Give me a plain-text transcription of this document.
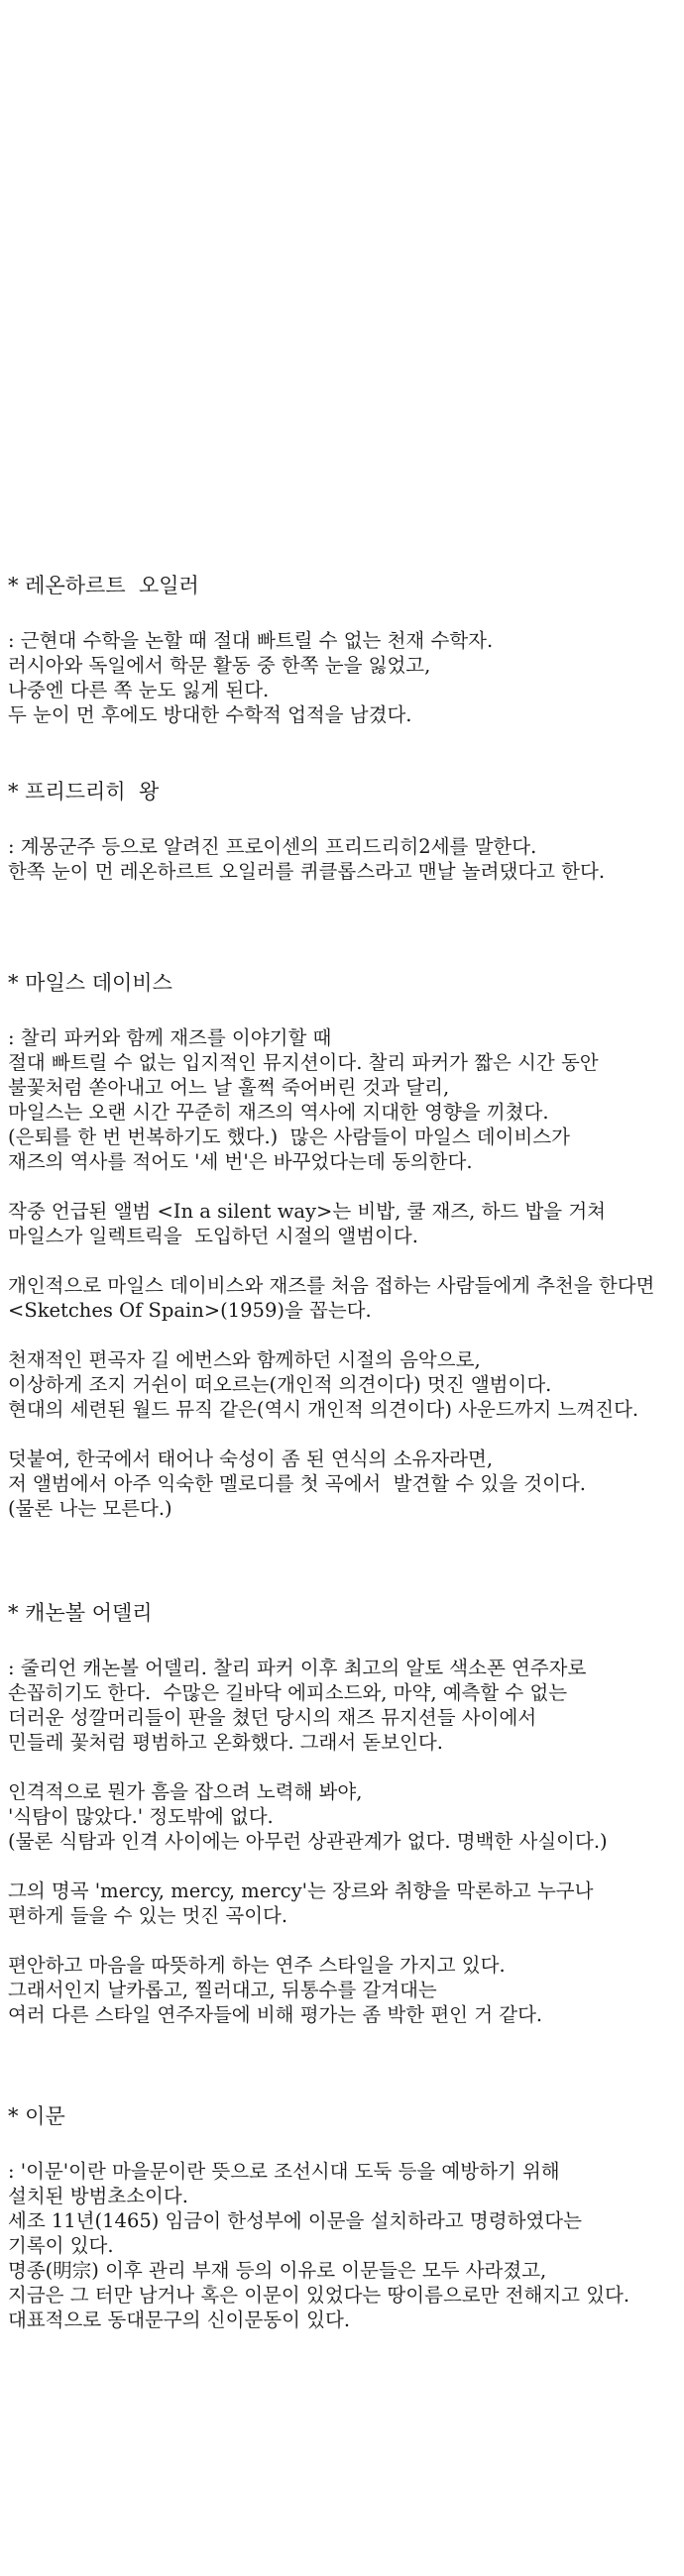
* 레온하르트  오일러

: 근현대 수학을 논할 때 절대 빠트릴 수 없는 천재 수학자.
러시아와 독일에서 학문 활동 중 한쪽 눈을 잃었고,
나중엔 다른 쪽 눈도 잃게 된다.
두 눈이 먼 후에도 방대한 수학적 업적을 남겼다.

* 프리드리히  왕

: 계몽군주 등으로 알려진 프로이센의 프리드리히2세를 말한다.
한쪽 눈이 먼 레온하르트 오일러를 퀴클롭스라고 맨날 놀려댔다고 한다.

* 마일스 데이비스

: 찰리 파커와 함께 재즈를 이야기할 때
절대 빠트릴 수 없는 입지적인 뮤지션이다. 찰리 파커가 짧은 시간 동안
불꽃처럼 쏟아내고 어느 날 훌쩍 죽어버린 것과 달리,
마일스는 오랜 시간 꾸준히 재즈의 역사에 지대한 영향을 끼쳤다.
(은퇴를 한 번 번복하기도 했다.)  많은 사람들이 마일스 데이비스가
재즈의 역사를 적어도 '세 번'은 바꾸었다는데 동의한다.

작중 언급된 앨범 <In a silent way>는 비밥, 쿨 재즈, 하드 밥을 거쳐
마일스가 일렉트릭을  도입하던 시절의 앨범이다.

개인적으로 마일스 데이비스와 재즈를 처음 접하는 사람들에게 추천을 한다면
<Sketches Of Spain>(1959)을 꼽는다.

천재적인 편곡자 길 에번스와 함께하던 시절의 음악으로,
이상하게 조지 거쉰이 떠오르는(개인적 의견이다) 멋진 앨범이다.
현대의 세련된 월드 뮤직 같은(역시 개인적 의견이다) 사운드까지 느껴진다.

덧붙여, 한국에서 태어나 숙성이 좀 된 연식의 소유자라면,
저 앨범에서 아주 익숙한 멜로디를 첫 곡에서  발견할 수 있을 것이다.
(물론 나는 모른다.)

* 캐논볼 어델리

: 줄리언 캐논볼 어델리. 찰리 파커 이후 최고의 알토 색소폰 연주자로
손꼽히기도 한다.  수많은 길바닥 에피소드와, 마약, 예측할 수 없는
더러운 성깔머리들이 판을 쳤던 당시의 재즈 뮤지션들 사이에서
민들레 꽃처럼 평범하고 온화했다. 그래서 돋보인다.

인격적으로 뭔가 흠을 잡으려 노력해 봐야,
'식탐이 많았다.' 정도밖에 없다.
(물론 식탐과 인격 사이에는 아무런 상관관계가 없다. 명백한 사실이다.)

그의 명곡 'mercy, mercy, mercy'는 장르와 취향을 막론하고 누구나
편하게 들을 수 있는 멋진 곡이다.

편안하고 마음을 따뜻하게 하는 연주 스타일을 가지고 있다.
그래서인지 날카롭고, 찔러대고, 뒤통수를 갈겨대는
여러 다른 스타일 연주자들에 비해 평가는 좀 박한 편인 거 같다.

* 이문

: '이문'이란 마을문이란 뜻으로 조선시대 도둑 등을 예방하기 위해
설치된 방범초소이다.
세조 11년(1465) 임금이 한성부에 이문을 설치하라고 명령하였다는
기록이 있다.
명종(明宗) 이후 관리 부재 등의 이유로 이문들은 모두 사라졌고,
지금은 그 터만 남거나 혹은 이문이 있었다는 땅이름으로만 전해지고 있다.
대표적으로 동대문구의 신이문동이 있다.
